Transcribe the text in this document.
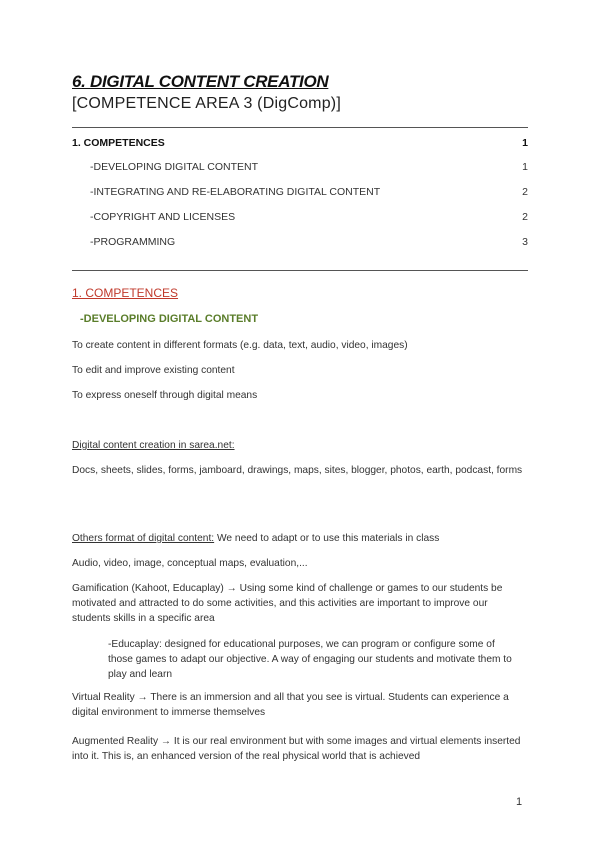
6. DIGITAL CONTENT CREATION
[COMPETENCE AREA 3 (DigComp)]
1. COMPETENCES	1
-DEVELOPING DIGITAL CONTENT	1
-INTEGRATING AND RE-ELABORATING DIGITAL CONTENT	2
-COPYRIGHT AND LICENSES	2
-PROGRAMMING	3
1. COMPETENCES
-DEVELOPING DIGITAL CONTENT
To create content in different formats (e.g. data, text, audio, video, images)
To edit and improve existing content
To express oneself through digital means
Digital content creation in sarea.net:
Docs, sheets, slides, forms, jamboard, drawings, maps, sites, blogger, photos, earth, podcast, forms
Others format of digital content: We need to adapt or to use this materials in class
Audio, video, image, conceptual maps, evaluation,...
Gamification (Kahoot, Educaplay) → Using some kind of challenge or games to our students be motivated and attracted to do some activities, and this activities are important to improve our students skills in a specific area
-Educaplay: designed for educational purposes, we can program or configure some of those games to adapt our objective. A way of engaging our students and motivate them to play and learn
Virtual Reality → There is an immersion and all that you see is virtual. Students can experience a digital environment to immerse themselves
Augmented Reality → It is our real environment but with some images and virtual elements inserted into it. This is, an enhanced version of the real physical world that is achieved
1
